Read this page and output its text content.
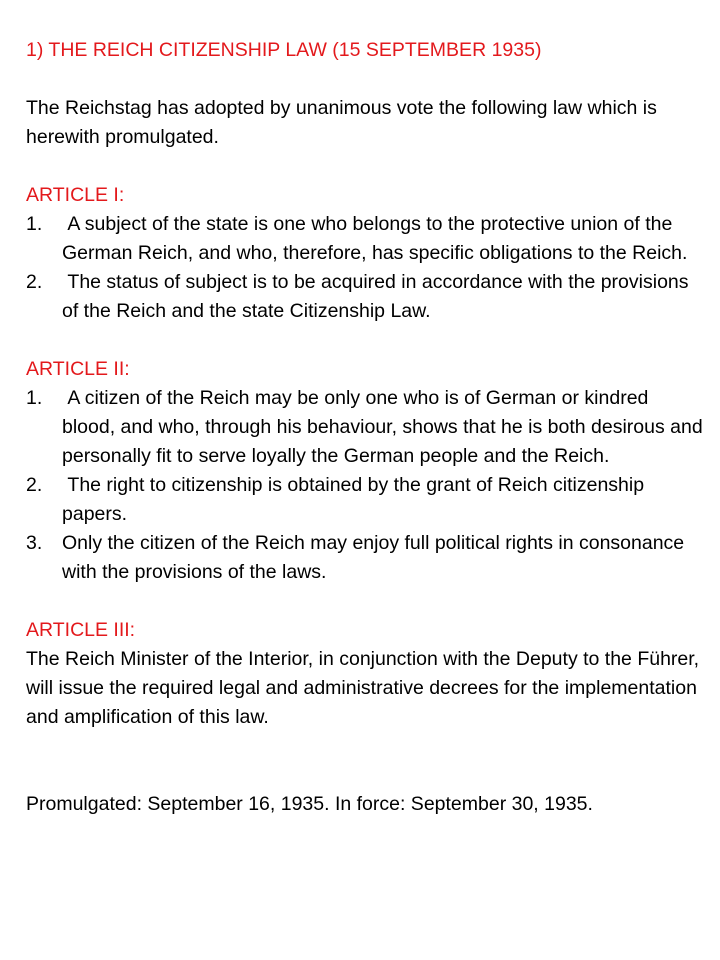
1) THE REICH CITIZENSHIP LAW (15 SEPTEMBER 1935)

The Reichstag has adopted by unanimous vote the following law which is herewith promulgated.

ARTICLE I:

1. A subject of the state is one who belongs to the protective union of the German Reich, and who, therefore, has specific obligations to the Reich.
2. The status of subject is to be acquired in accordance with the provisions of the Reich and the state Citizenship Law.

ARTICLE II:

1. A citizen of the Reich may be only one who is of German or kindred blood, and who, through his behaviour, shows that he is both desirous and personally fit to serve loyally the German people and the Reich.
2. The right to citizenship is obtained by the grant of Reich citizenship papers.
3. Only the citizen of the Reich may enjoy full political rights in consonance with the provisions of the laws.

ARTICLE III:

The Reich Minister of the Interior, in conjunction with the Deputy to the Führer, will issue the required legal and administrative decrees for the implementation and amplification of this law.

Promulgated: September 16, 1935. In force: September 30, 1935.
